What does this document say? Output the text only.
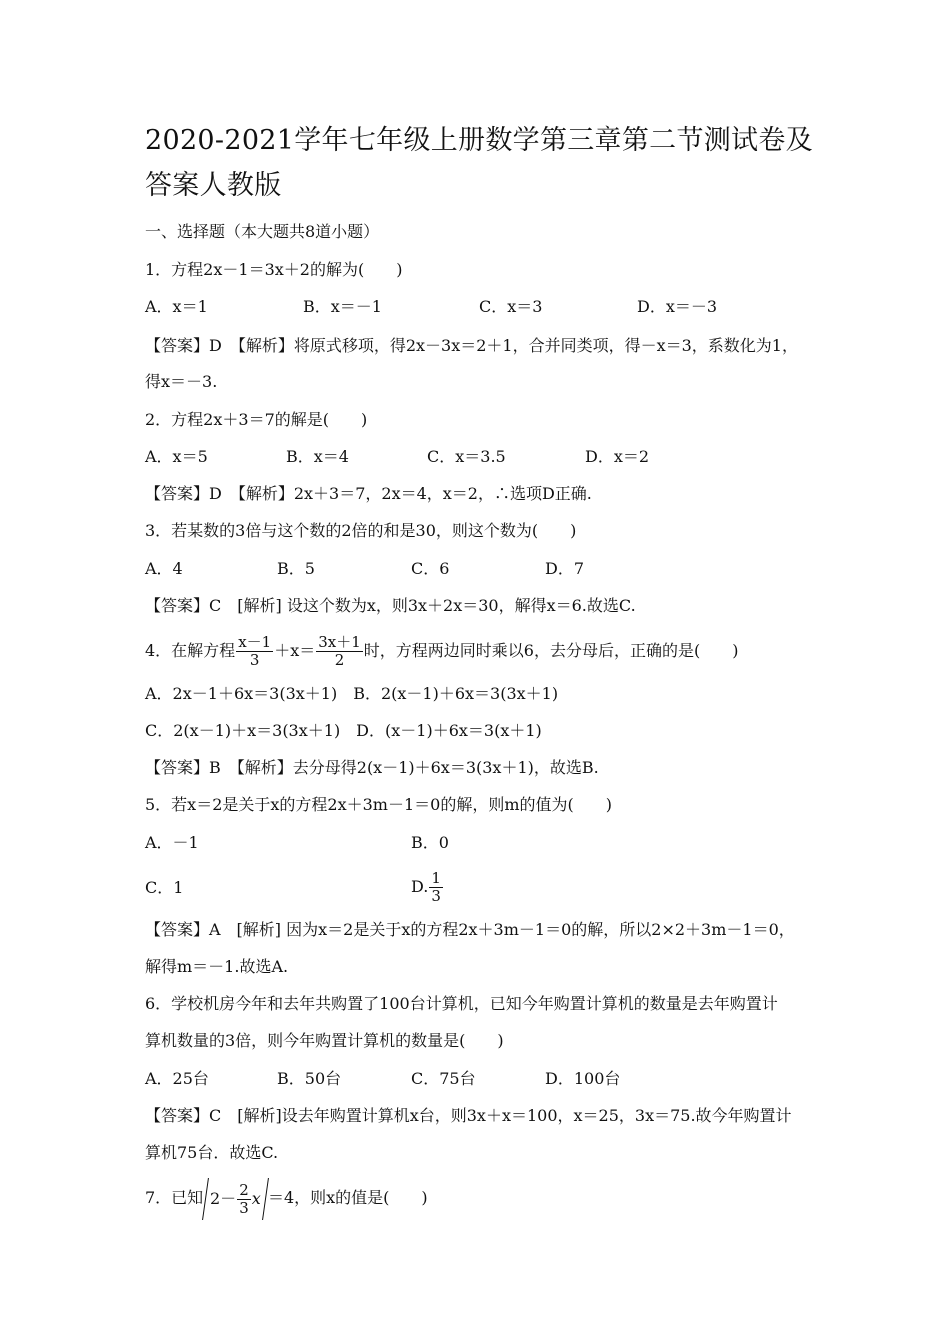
2020-2021学年七年级上册数学第三章第二节测试卷及答案人教版
一、选择题（本大题共8道小题）
1．方程2x－1＝3x＋2的解为(　　)
A．x＝1	B．x＝－1	C．x＝3	D．x＝－3
【答案】D　【解析】将原式移项，得2x－3x＝2＋1，合并同类项，得－x＝3，系数化为1，
得x＝－3.
2．方程2x＋3＝7的解是(　　)
A．x＝5	B．x＝4	C．x＝3.5	D．x＝2
【答案】D　【解析】2x＋3＝7，2x＝4，x＝2，∴选项D正确.
3．若某数的3倍与这个数的2倍的和是30，则这个数为(　　)
A．4	B．5	C．6	D．7
【答案】C　[解析] 设这个数为x，则3x＋2x＝30，解得x＝6.故选C.
4．在解方程 $\frac{x-1}{3} +x= \frac{3x+1}{2}$ 时，方程两边同时乘以6，去分母后，正确的是(　　)
A．2x－1＋6x＝3(3x＋1)　B．2(x－1)＋6x＝3(3x＋1)
C．2(x－1)＋x＝3(3x＋1)　D．(x－1)＋6x＝3(x＋1)
【答案】B　【解析】去分母得2(x－1)＋6x＝3(3x＋1)，故选B.
5．若x＝2是关于x的方程2x＋3m－1＝0的解，则m的值为(　　)
A．－1	B．0
C．1	D. $\frac{1}{3}$
【答案】A　[解析] 因为x＝2是关于x的方程2x＋3m－1＝0的解，所以2×2＋3m－1＝0，
解得m＝－1.故选A.
6．学校机房今年和去年共购置了100台计算机，已知今年购置计算机的数量是去年购置计
算机数量的3倍，则今年购置计算机的数量是(　　)
A．25台	B．50台	C．75台	D．100台
【答案】C　[解析]设去年购置计算机x台，则3x＋x＝100，x＝25，3x＝75.故今年购置计
算机75台．故选C.
7．已知 $2- \frac{2}{3}$ x ＝4，则x的值是(　　)
